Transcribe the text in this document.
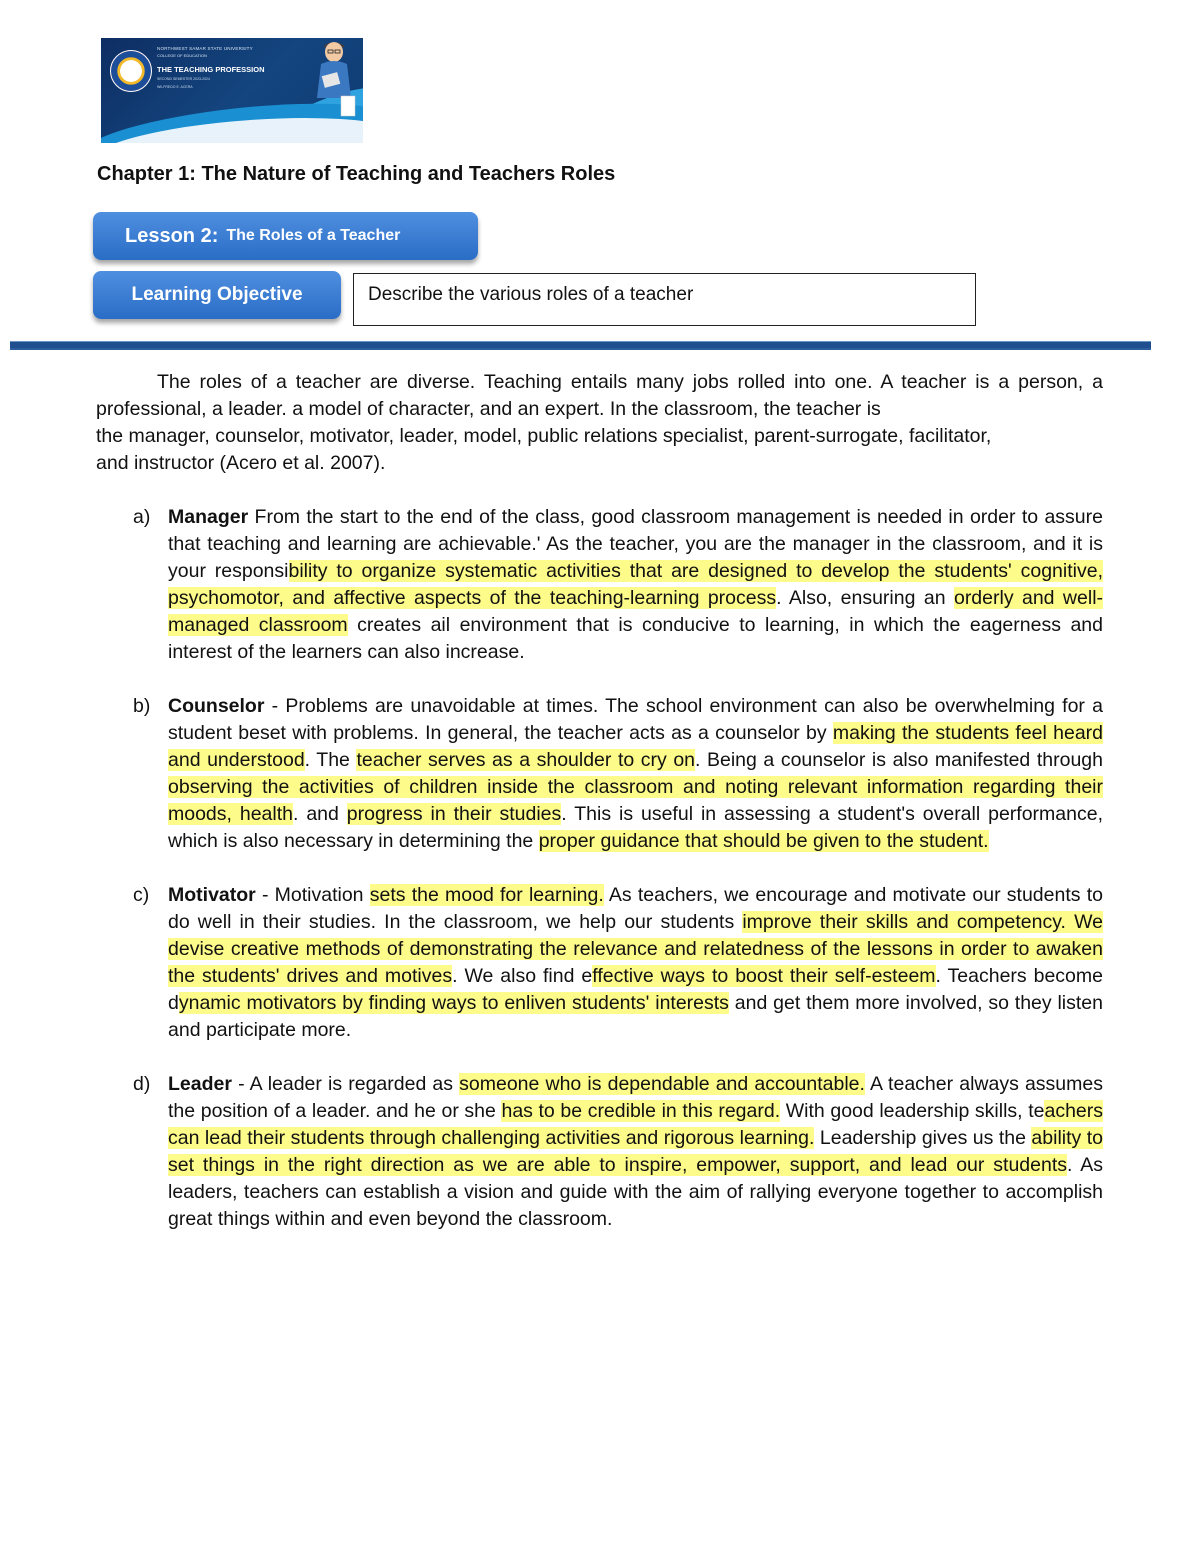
NORTHWEST SAMAR STATE UNIVERSITY
COLLEGE OF EDUCATION
THE TEACHING PROFESSION
SECOND SEMESTER 2023-2024
WILFREDO E. ACERA
Chapter 1: The Nature of Teaching and Teachers Roles
Lesson 2: The Roles of a Teacher
Learning Objective	Describe the various roles of a teacher

The roles of a teacher are diverse. Teaching entails many jobs rolled into one. A teacher is a person, a professional, a leader. a model of character, and an expert. In the classroom, the teacher is
the manager, counselor, motivator, leader, model, public relations specialist, parent-surrogate, facilitator,
and instructor (Acero et al. 2007).

a) Manager From the start to the end of the class, good classroom management is needed in order to assure that teaching and learning are achievable.' As the teacher, you are the manager in the classroom, and it is your responsibility to organize systematic activities that are designed to develop the students' cognitive, psychomotor, and affective aspects of the teaching-learning process. Also, ensuring an orderly and well-managed classroom creates ail environment that is conducive to learning, in which the eagerness and interest of the learners can also increase.

b) Counselor - Problems are unavoidable at times. The school environment can also be overwhelming for a student beset with problems. In general, the teacher acts as a counselor by making the students feel heard and understood. The teacher serves as a shoulder to cry on. Being a counselor is also manifested through observing the activities of children inside the classroom and noting relevant information regarding their moods, health. and progress in their studies. This is useful in assessing a student's overall performance, which is also necessary in determining the proper guidance that should be given to the student.

c) Motivator - Motivation sets the mood for learning. As teachers, we encourage and motivate our students to do well in their studies. In the classroom, we help our students improve their skills and competency. We devise creative methods of demonstrating the relevance and relatedness of the lessons in order to awaken the students' drives and motives. We also find effective ways to boost their self-esteem. Teachers become dynamic motivators by finding ways to enliven students' interests and get them more involved, so they listen and participate more.

d) Leader - A leader is regarded as someone who is dependable and accountable. A teacher always assumes the position of a leader. and he or she has to be credible in this regard. With good leadership skills, teachers can lead their students through challenging activities and rigorous learning. Leadership gives us the ability to set things in the right direction as we are able to inspire, empower, support, and lead our students. As leaders, teachers can establish a vision and guide with the aim of rallying everyone together to accomplish great things within and even beyond the classroom.
